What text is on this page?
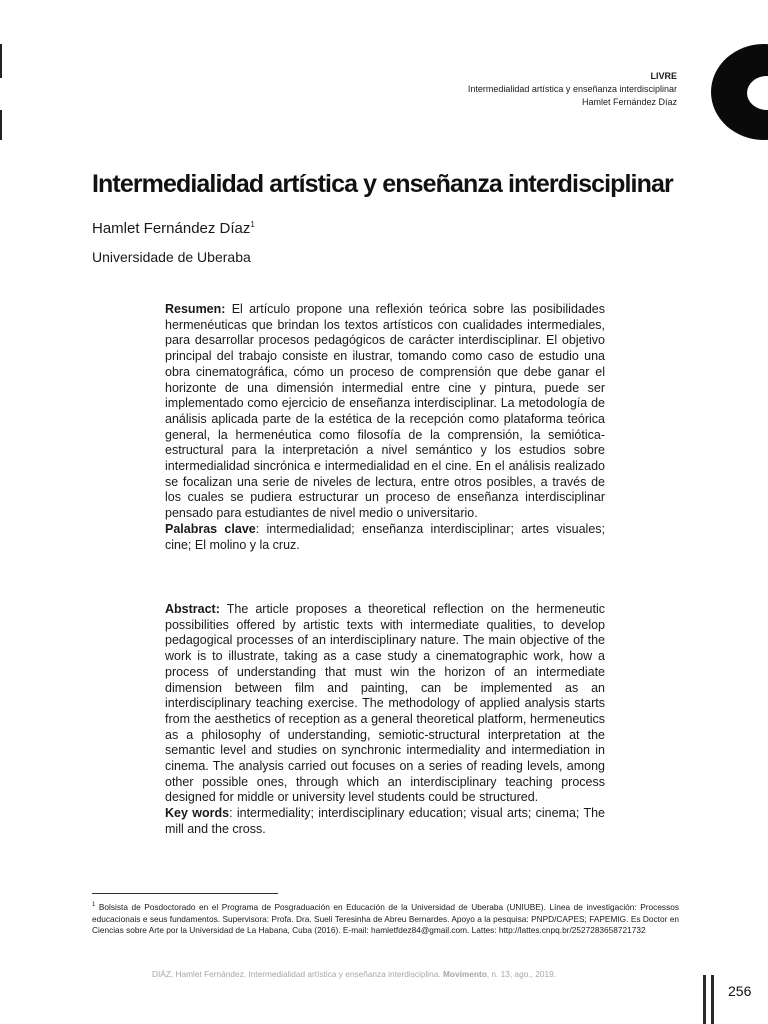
LIVRE
Intermedialidad artística y enseñanza interdisciplinar
Hamlet Fernández Díaz
Intermedialidad artística y enseñanza interdisciplinar
Hamlet Fernández Díaz$^1$
Universidade de Uberaba
Resumen: El artículo propone una reflexión teórica sobre las posibilidades hermenéuticas que brindan los textos artísticos con cualidades intermediales, para desarrollar procesos pedagógicos de carácter interdisciplinar. El objetivo principal del trabajo consiste en ilustrar, tomando como caso de estudio una obra cinematográfica, cómo un proceso de comprensión que debe ganar el horizonte de una dimensión intermedial entre cine y pintura, puede ser implementado como ejercicio de enseñanza interdisciplinar. La metodología de análisis aplicada parte de la estética de la recepción como plataforma teórica general, la hermenéutica como filosofía de la comprensión, la semiótica-estructural para la interpretación a nivel semántico y los estudios sobre intermedialidad sincrónica e intermedialidad en el cine. En el análisis realizado se focalizan una serie de niveles de lectura, entre otros posibles, a través de los cuales se pudiera estructurar un proceso de enseñanza interdisciplinar pensado para estudiantes de nivel medio o universitario.
Palabras clave: intermedialidad; enseñanza interdisciplinar; artes visuales; cine; El molino y la cruz.
Abstract: The article proposes a theoretical reflection on the hermeneutic possibilities offered by artistic texts with intermediate qualities, to develop pedagogical processes of an interdisciplinary nature. The main objective of the work is to illustrate, taking as a case study a cinematographic work, how a process of understanding that must win the horizon of an intermediate dimension between film and painting, can be implemented as an interdisciplinary teaching exercise. The methodology of applied analysis starts from the aesthetics of reception as a general theoretical platform, hermeneutics as a philosophy of understanding, semiotic-structural interpretation at the semantic level and studies on synchronic intermediality and intermediation in cinema. The analysis carried out focuses on a series of reading levels, among other possible ones, through which an interdisciplinary teaching process designed for middle or university level students could be structured.
Key words: intermediality; interdisciplinary education; visual arts; cinema; The mill and the cross.
$^1$ Bolsista de Posdoctorado en el Programa de Posgraduación en Educación de la Universidad de Uberaba (UNIUBE). Línea de investigación: Processos educacionais e seus fundamentos. Supervisora: Profa. Dra. Sueli Teresinha de Abreu Bernardes. Apoyo a la pesquisa: PNPD/CAPES; FAPEMIG. Es Doctor en Ciencias sobre Arte por la Universidad de La Habana, Cuba (2016). E-mail: hamletfdez84@gmail.com. Lattes: http://lattes.cnpq.br/2527283658721732
DIÁZ, Hamlet Fernández. Intermedialidad artística y enseñanza interdisciplina. Movimento, n. 13, ago., 2019.
256
